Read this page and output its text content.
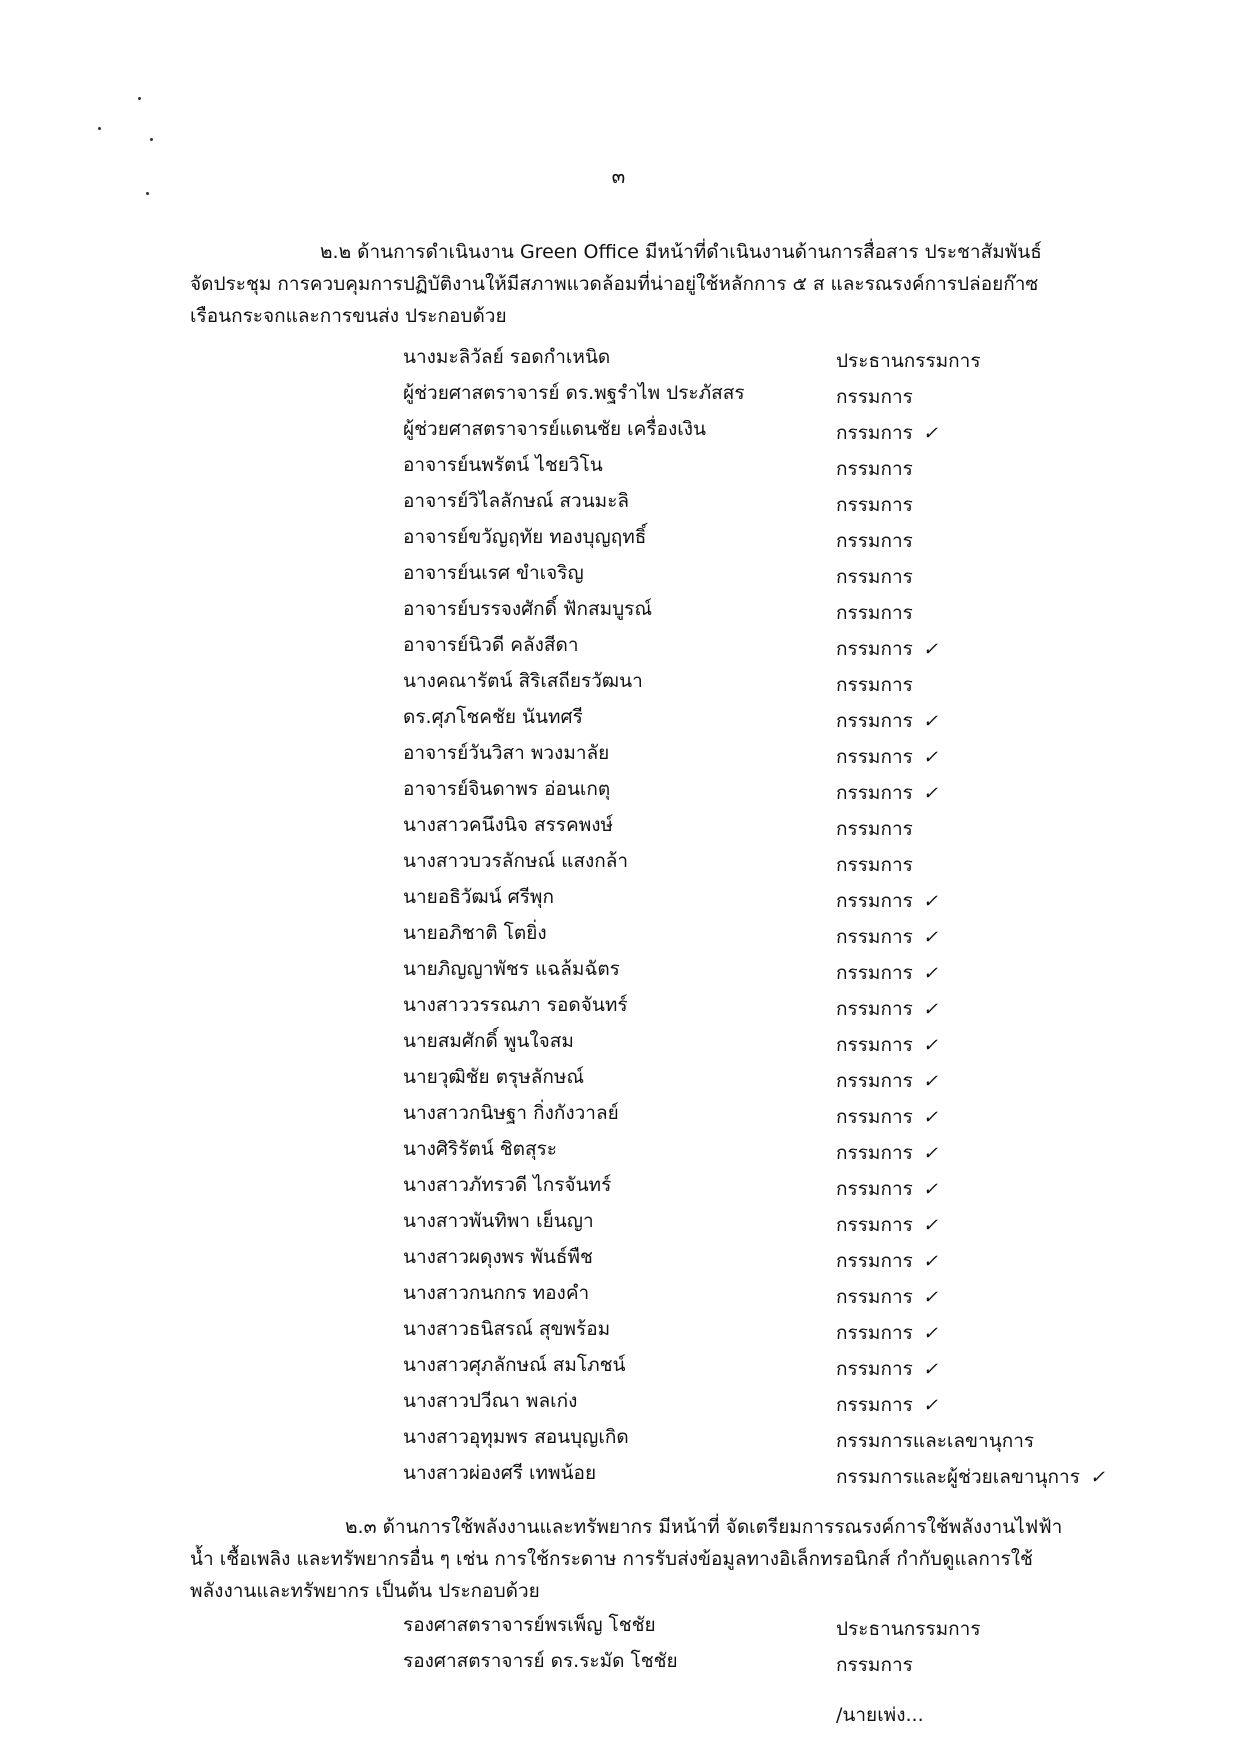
๓
๒.๒ ด้านการดำเนินงาน Green Office มีหน้าที่ดำเนินงานด้านการสื่อสาร ประชาสัมพันธ์
จัดประชุม การควบคุมการปฏิบัติงานให้มีสภาพแวดล้อมที่น่าอยู่ใช้หลักการ ๕ ส และรณรงค์การปล่อยก๊าซ
เรือนกระจกและการขนส่ง ประกอบด้วย
นางมะลิวัลย์ รอดกำเหนิด	ประธานกรรมการ
ผู้ช่วยศาสตราจารย์ ดร.พฐรำไพ ประภัสสร	กรรมการ
ผู้ช่วยศาสตราจารย์แดนชัย เครื่องเงิน	กรรมการ ✓
อาจารย์นพรัตน์ ไชยวิโน	กรรมการ
อาจารย์วิไลลักษณ์ สวนมะลิ	กรรมการ
อาจารย์ขวัญฤทัย ทองบุญฤทธิ์	กรรมการ
อาจารย์นเรศ ขำเจริญ	กรรมการ
อาจารย์บรรจงศักดิ์ ฟักสมบูรณ์	กรรมการ
อาจารย์นิวดี คลังสีดา	กรรมการ ✓
นางคณารัตน์ สิริเสถียรวัฒนา	กรรมการ
ดร.ศุภโชคชัย นันทศรี	กรรมการ ✓
อาจารย์วันวิสา พวงมาลัย	กรรมการ ✓
อาจารย์จินดาพร อ่อนเกตุ	กรรมการ ✓
นางสาวคนึงนิจ สรรคพงษ์	กรรมการ
นางสาวบวรลักษณ์ แสงกล้า	กรรมการ
นายอธิวัฒน์ ศรีพุก	กรรมการ ✓
นายอภิชาติ โตยิ่ง	กรรมการ ✓
นายภิญญาพัชร แฉล้มฉัตร	กรรมการ ✓
นางสาววรรณภา รอดจันทร์	กรรมการ ✓
นายสมศักดิ์ พูนใจสม	กรรมการ ✓
นายวุฒิชัย ตรุษลักษณ์	กรรมการ ✓
นางสาวกนิษฐา กิ่งกังวาลย์	กรรมการ ✓
นางศิริรัตน์ ชิตสุระ	กรรมการ ✓
นางสาวภัทรวดี ไกรจันทร์	กรรมการ ✓
นางสาวพันทิพา เย็นญา	กรรมการ ✓
นางสาวผดุงพร พันธ์พืช	กรรมการ ✓
นางสาวกนกกร ทองคำ	กรรมการ ✓
นางสาวธนิสรณ์ สุขพร้อม	กรรมการ ✓
นางสาวศุภลักษณ์ สมโภชน์	กรรมการ ✓
นางสาวปวีณา พลเก่ง	กรรมการ ✓
นางสาวอุทุมพร สอนบุญเกิด	กรรมการและเลขานุการ
นางสาวผ่องศรี เทพน้อย	กรรมการและผู้ช่วยเลขานุการ ✓
๒.๓ ด้านการใช้พลังงานและทรัพยากร มีหน้าที่ จัดเตรียมการรณรงค์การใช้พลังงานไฟฟ้า
น้ำ เชื้อเพลิง และทรัพยากรอื่น ๆ เช่น การใช้กระดาษ การรับส่งข้อมูลทางอิเล็กทรอนิกส์ กำกับดูแลการใช้
พลังงานและทรัพยากร เป็นต้น ประกอบด้วย
รองศาสตราจารย์พรเพ็ญ โชชัย	ประธานกรรมการ
รองศาสตราจารย์ ดร.ระมัด โชชัย	กรรมการ
/นายเพ่ง...
